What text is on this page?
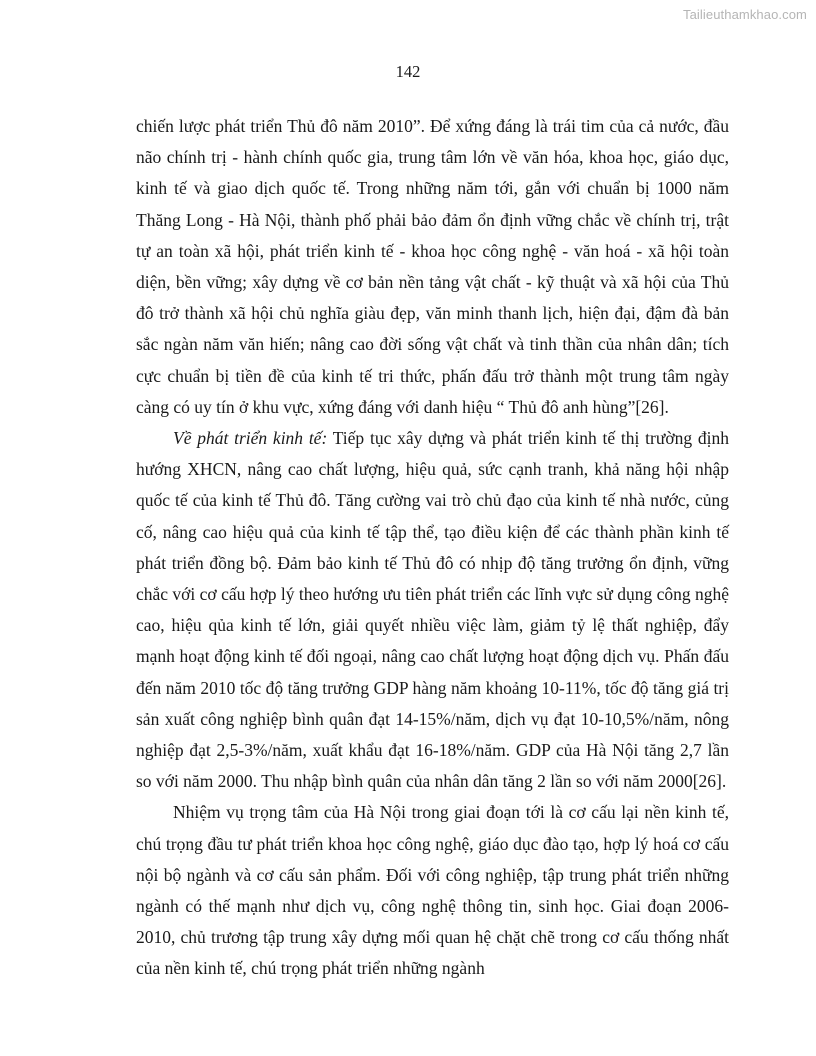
Tailieuthamkhao.com
142

chiến lược phát triển Thủ đô năm 2010”. Để xứng đáng là trái tim của cả nước, đầu não chính trị - hành chính quốc gia, trung tâm lớn về văn hóa, khoa học, giáo dục, kinh tế và giao dịch quốc tế. Trong những năm tới, gắn với chuẩn bị 1000 năm Thăng Long - Hà Nội, thành phố phải bảo đảm ổn định vững chắc về chính trị, trật tự an toàn xã hội, phát triển kinh tế - khoa học công nghệ - văn hoá - xã hội toàn diện, bền vững; xây dựng về cơ bản nền tảng vật chất - kỹ thuật và xã hội của Thủ đô trở thành xã hội chủ nghĩa giàu đẹp, văn minh thanh lịch, hiện đại, đậm đà bản sắc ngàn năm văn hiến; nâng cao đời sống vật chất và tinh thần của nhân dân; tích cực chuẩn bị tiền đề của kinh tế tri thức, phấn đấu trở thành một trung tâm ngày càng có uy tín ở khu vực, xứng đáng với danh hiệu “ Thủ đô anh hùng”[26].

Về phát triển kinh tế: Tiếp tục xây dựng và phát triển kinh tế thị trường định hướng XHCN, nâng cao chất lượng, hiệu quả, sức cạnh tranh, khả năng hội nhập quốc tế của kinh tế Thủ đô. Tăng cường vai trò chủ đạo của kinh tế nhà nước, củng cố, nâng cao hiệu quả của kinh tế tập thể, tạo điều kiện để các thành phần kinh tế phát triển đồng bộ. Đảm bảo kinh tế Thủ đô có nhịp độ tăng trưởng ổn định, vững chắc với cơ cấu hợp lý theo hướng ưu tiên phát triển các lĩnh vực sử dụng công nghệ cao, hiệu qủa kinh tế lớn, giải quyết nhiều việc làm, giảm tỷ lệ thất nghiệp, đẩy mạnh hoạt động kinh tế đối ngoại, nâng cao chất lượng hoạt động dịch vụ. Phấn đấu đến năm 2010 tốc độ tăng trưởng GDP hàng năm khoảng 10-11%, tốc độ tăng giá trị sản xuất công nghiệp bình quân đạt 14-15%/năm, dịch vụ đạt 10-10,5%/năm, nông nghiệp đạt 2,5-3%/năm, xuất khẩu đạt 16-18%/năm. GDP của Hà Nội tăng 2,7 lần so với năm 2000. Thu nhập bình quân của nhân dân tăng 2 lần so với năm 2000[26].

Nhiệm vụ trọng tâm của Hà Nội trong giai đoạn tới là cơ cấu lại nền kinh tế, chú trọng đầu tư phát triển khoa học công nghệ, giáo dục đào tạo, hợp lý hoá cơ cấu nội bộ ngành và cơ cấu sản phẩm. Đối với công nghiệp, tập trung phát triển những ngành có thế mạnh như dịch vụ, công nghệ thông tin, sinh học. Giai đoạn 2006-2010, chủ trương tập trung xây dựng mối quan hệ chặt chẽ trong cơ cấu thống nhất của nền kinh tế, chú trọng phát triển những ngành
